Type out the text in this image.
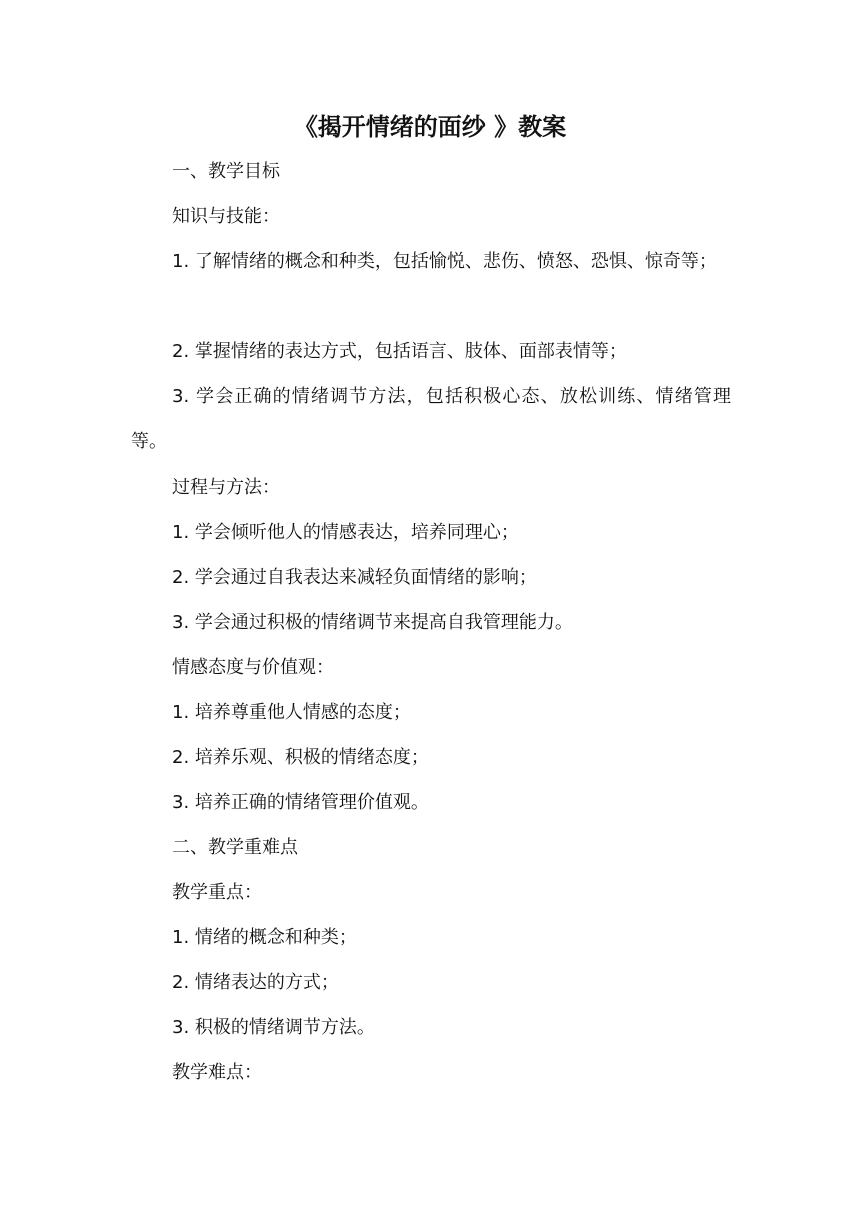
《揭开情绪的面纱 》教案
一、教学目标
知识与技能：
1. 了解情绪的概念和种类，包括愉悦、悲伤、愤怒、恐惧、惊奇等；
2. 掌握情绪的表达方式，包括语言、肢体、面部表情等；
3. 学会正确的情绪调节方法，包括积极心态、放松训练、情绪管理等。
过程与方法：
1. 学会倾听他人的情感表达，培养同理心；
2. 学会通过自我表达来减轻负面情绪的影响；
3. 学会通过积极的情绪调节来提高自我管理能力。
情感态度与价值观：
1. 培养尊重他人情感的态度；
2. 培养乐观、积极的情绪态度；
3. 培养正确的情绪管理价值观。
二、教学重难点
教学重点：
1. 情绪的概念和种类；
2. 情绪表达的方式；
3. 积极的情绪调节方法。
教学难点：
